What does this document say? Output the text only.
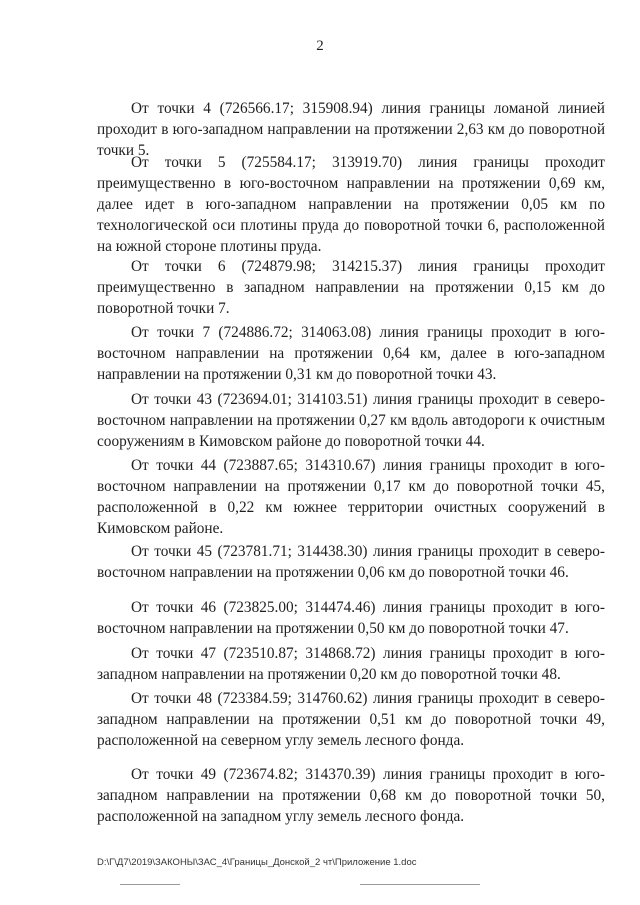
2

От точки 4 (726566.17; 315908.94) линия границы ломаной линией проходит в юго-западном направлении на протяжении 2,63 км до поворотной точки 5.

От точки 5 (725584.17; 313919.70) линия границы проходит преимущественно в юго-восточном направлении на протяжении 0,69 км, далее идет в юго-западном направлении на протяжении 0,05 км по технологической оси плотины пруда до поворотной точки 6, расположенной на южной стороне плотины пруда.

От точки 6 (724879.98; 314215.37) линия границы проходит преимущественно в западном направлении на протяжении 0,15 км до поворотной точки 7.

От точки 7 (724886.72; 314063.08) линия границы проходит в юго-восточном направлении на протяжении 0,64 км, далее в юго-западном направлении на протяжении 0,31 км до поворотной точки 43.

От точки 43 (723694.01; 314103.51) линия границы проходит в северо-восточном направлении на протяжении 0,27 км вдоль автодороги к очистным сооружениям в Кимовском районе до поворотной точки 44.

От точки 44 (723887.65; 314310.67) линия границы проходит в юго-восточном направлении на протяжении 0,17 км до поворотной точки 45, расположенной в 0,22 км южнее территории очистных сооружений в Кимовском районе.

От точки 45 (723781.71; 314438.30) линия границы проходит в северо-восточном направлении на протяжении 0,06 км до поворотной точки 46.

От точки 46 (723825.00; 314474.46) линия границы проходит в юго-восточном направлении на протяжении 0,50 км до поворотной точки 47.

От точки 47 (723510.87; 314868.72) линия границы проходит в юго-западном направлении на протяжении 0,20 км до поворотной точки 48.

От точки 48 (723384.59; 314760.62) линия границы проходит в северо-западном направлении на протяжении 0,51 км до поворотной точки 49, расположенной на северном углу земель лесного фонда.

От точки 49 (723674.82; 314370.39) линия границы проходит в юго-западном направлении на протяжении 0,68 км до поворотной точки 50, расположенной на западном углу земель лесного фонда.

D:\Г\Д7\2019\ЗАКОНЫ\ЗАС_4\Границы_Донской_2 чт\Приложение 1.doc
